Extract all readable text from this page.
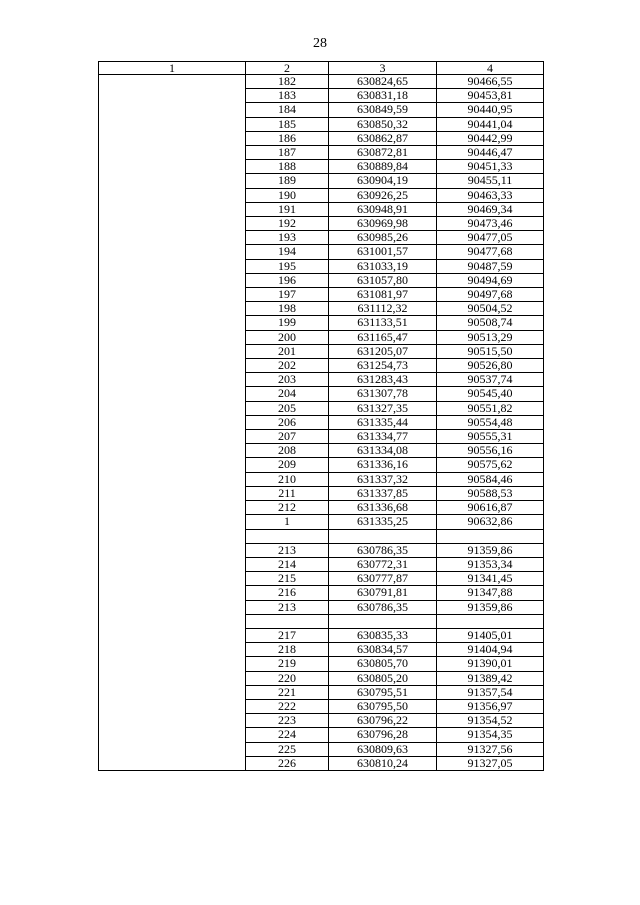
28
1	2	3	4
	182	630824,65	90466,55
	183	630831,18	90453,81
	184	630849,59	90440,95
	185	630850,32	90441,04
	186	630862,87	90442,99
	187	630872,81	90446,47
	188	630889,84	90451,33
	189	630904,19	90455,11
	190	630926,25	90463,33
	191	630948,91	90469,34
	192	630969,98	90473,46
	193	630985,26	90477,05
	194	631001,57	90477,68
	195	631033,19	90487,59
	196	631057,80	90494,69
	197	631081,97	90497,68
	198	631112,32	90504,52
	199	631133,51	90508,74
	200	631165,47	90513,29
	201	631205,07	90515,50
	202	631254,73	90526,80
	203	631283,43	90537,74
	204	631307,78	90545,40
	205	631327,35	90551,82
	206	631335,44	90554,48
	207	631334,77	90555,31
	208	631334,08	90556,16
	209	631336,16	90575,62
	210	631337,32	90584,46
	211	631337,85	90588,53
	212	631336,68	90616,87
	1	631335,25	90632,86

	213	630786,35	91359,86
	214	630772,31	91353,34
	215	630777,87	91341,45
	216	630791,81	91347,88
	213	630786,35	91359,86

	217	630835,33	91405,01
	218	630834,57	91404,94
	219	630805,70	91390,01
	220	630805,20	91389,42
	221	630795,51	91357,54
	222	630795,50	91356,97
	223	630796,22	91354,52
	224	630796,28	91354,35
	225	630809,63	91327,56
	226	630810,24	91327,05
